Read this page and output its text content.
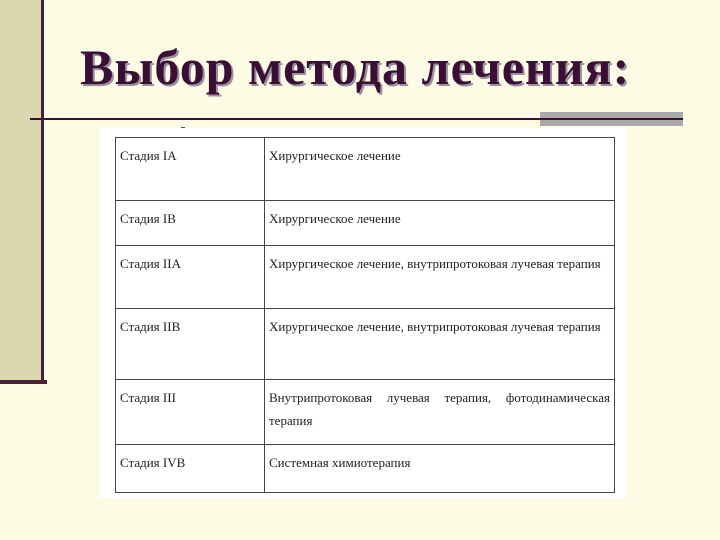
Выбор метода лечения:
Стадия IA	Хирургическое лечение
Стадия IB	Хирургическое лечение
Стадия IIA	Хирургическое лечение, внутрипротоковая лучевая терапия
Стадия IIB	Хирургическое лечение, внутрипротоковая лучевая терапия
Стадия III	Внутрипротоковая лучевая терапия, фотодинамическая терапия
Стадия IVB	Системная химиотерапия
